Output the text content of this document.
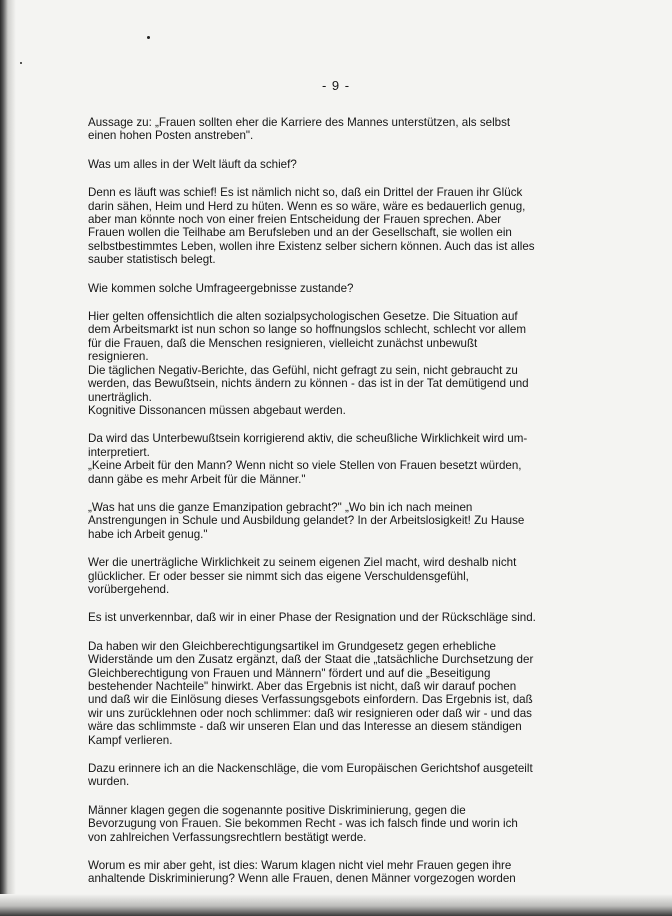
- 9 -

Aussage zu: „Frauen sollten eher die Karriere des Mannes unterstützen, als selbst
einen hohen Posten anstreben".

Was um alles in der Welt läuft da schief?

Denn es läuft was schief! Es ist nämlich nicht so, daß ein Drittel der Frauen ihr Glück
darin sähen, Heim und Herd zu hüten. Wenn es so wäre, wäre es bedauerlich genug,
aber man könnte noch von einer freien Entscheidung der Frauen sprechen. Aber
Frauen wollen die Teilhabe am Berufsleben und an der Gesellschaft, sie wollen ein
selbstbestimmtes Leben, wollen ihre Existenz selber sichern können. Auch das ist alles
sauber statistisch belegt.

Wie kommen solche Umfrageergebnisse zustande?

Hier gelten offensichtlich die alten sozialpsychologischen Gesetze. Die Situation auf
dem Arbeitsmarkt ist nun schon so lange so hoffnungslos schlecht, schlecht vor allem
für die Frauen, daß die Menschen resignieren, vielleicht zunächst unbewußt
resignieren.
Die täglichen Negativ-Berichte, das Gefühl, nicht gefragt zu sein, nicht gebraucht zu
werden, das Bewußtsein, nichts ändern zu können - das ist in der Tat demütigend und
unerträglich.
Kognitive Dissonancen müssen abgebaut werden.

Da wird das Unterbewußtsein korrigierend aktiv, die scheußliche Wirklichkeit wird um-
interpretiert.
„Keine Arbeit für den Mann? Wenn nicht so viele Stellen von Frauen besetzt würden,
dann gäbe es mehr Arbeit für die Männer."

„Was hat uns die ganze Emanzipation gebracht?" „Wo bin ich nach meinen
Anstrengungen in Schule und Ausbildung gelandet? In der Arbeitslosigkeit! Zu Hause
habe ich Arbeit genug."

Wer die unerträgliche Wirklichkeit zu seinem eigenen Ziel macht, wird deshalb nicht
glücklicher. Er oder besser sie nimmt sich das eigene Verschuldensgefühl,
vorübergehend.

Es ist unverkennbar, daß wir in einer Phase der Resignation und der Rückschläge sind.

Da haben wir den Gleichberechtigungsartikel im Grundgesetz gegen erhebliche
Widerstände um den Zusatz ergänzt, daß der Staat die „tatsächliche Durchsetzung der
Gleichberechtigung von Frauen und Männern" fördert und auf die „Beseitigung
bestehender Nachteile" hinwirkt. Aber das Ergebnis ist nicht, daß wir darauf pochen
und daß wir die Einlösung dieses Verfassungsgebots einfordern. Das Ergebnis ist, daß
wir uns zurücklehnen oder noch schlimmer: daß wir resignieren oder daß wir - und das
wäre das schlimmste - daß wir unseren Elan und das Interesse an diesem ständigen
Kampf verlieren.

Dazu erinnere ich an die Nackenschläge, die vom Europäischen Gerichtshof ausgeteilt
wurden.

Männer klagen gegen die sogenannte positive Diskriminierung, gegen die
Bevorzugung von Frauen. Sie bekommen Recht - was ich falsch finde und worin ich
von zahlreichen Verfassungsrechtlern bestätigt werde.

Worum es mir aber geht, ist dies: Warum klagen nicht viel mehr Frauen gegen ihre
anhaltende Diskriminierung? Wenn alle Frauen, denen Männer vorgezogen worden
